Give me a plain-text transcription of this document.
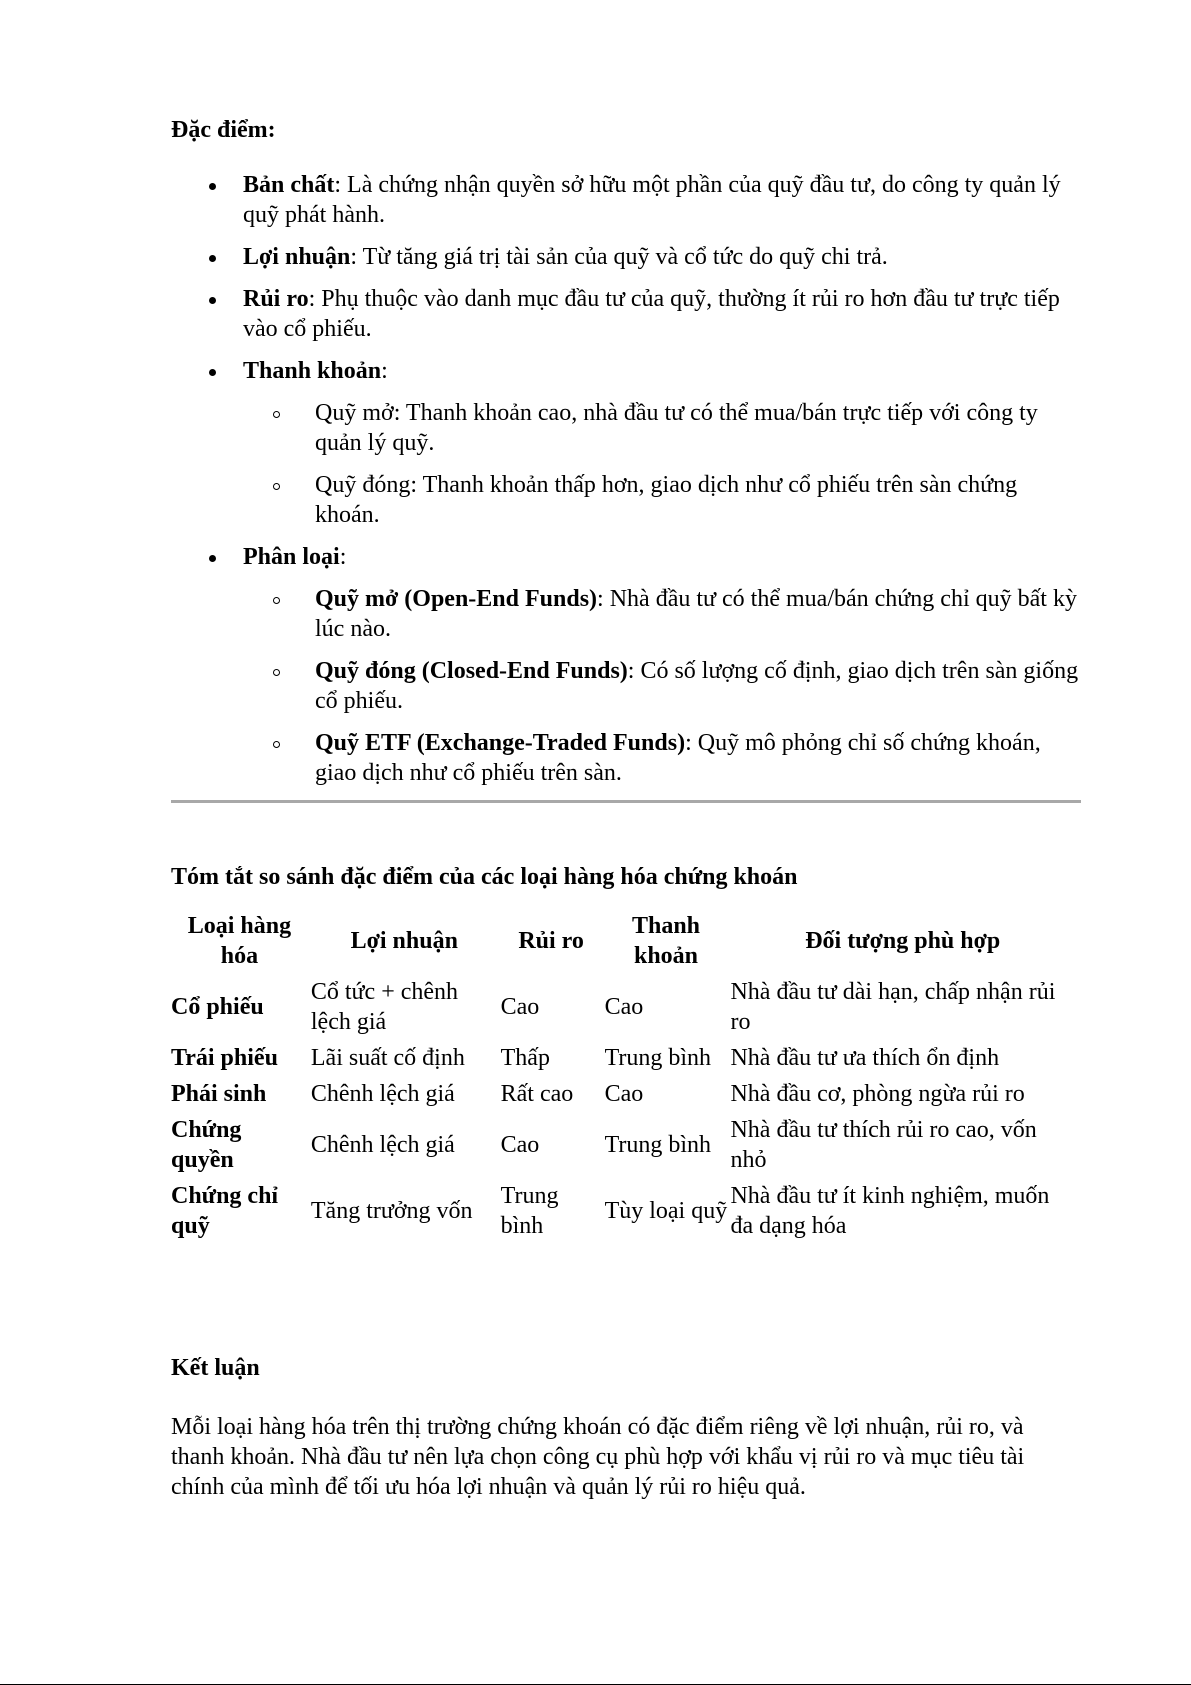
Đặc điểm:
Bản chất: Là chứng nhận quyền sở hữu một phần của quỹ đầu tư, do công ty quản lý quỹ phát hành.
Lợi nhuận: Từ tăng giá trị tài sản của quỹ và cổ tức do quỹ chi trả.
Rủi ro: Phụ thuộc vào danh mục đầu tư của quỹ, thường ít rủi ro hơn đầu tư trực tiếp vào cổ phiếu.
Thanh khoản:
Quỹ mở: Thanh khoản cao, nhà đầu tư có thể mua/bán trực tiếp với công ty quản lý quỹ.
Quỹ đóng: Thanh khoản thấp hơn, giao dịch như cổ phiếu trên sàn chứng khoán.
Phân loại:
Quỹ mở (Open-End Funds): Nhà đầu tư có thể mua/bán chứng chỉ quỹ bất kỳ lúc nào.
Quỹ đóng (Closed-End Funds): Có số lượng cố định, giao dịch trên sàn giống cổ phiếu.
Quỹ ETF (Exchange-Traded Funds): Quỹ mô phỏng chỉ số chứng khoán, giao dịch như cổ phiếu trên sàn.
Tóm tắt so sánh đặc điểm của các loại hàng hóa chứng khoán
Loại hàng hóa	Lợi nhuận	Rủi ro	Thanh khoản	Đối tượng phù hợp
Cổ phiếu	Cổ tức + chênh lệch giá	Cao	Cao	Nhà đầu tư dài hạn, chấp nhận rủi ro
Trái phiếu	Lãi suất cố định	Thấp	Trung bình	Nhà đầu tư ưa thích ổn định
Phái sinh	Chênh lệch giá	Rất cao	Cao	Nhà đầu cơ, phòng ngừa rủi ro
Chứng quyền	Chênh lệch giá	Cao	Trung bình	Nhà đầu tư thích rủi ro cao, vốn nhỏ
Chứng chỉ quỹ	Tăng trưởng vốn	Trung bình	Tùy loại quỹ	Nhà đầu tư ít kinh nghiệm, muốn đa dạng hóa
Kết luận

Mỗi loại hàng hóa trên thị trường chứng khoán có đặc điểm riêng về lợi nhuận, rủi ro, và thanh khoản. Nhà đầu tư nên lựa chọn công cụ phù hợp với khẩu vị rủi ro và mục tiêu tài chính của mình để tối ưu hóa lợi nhuận và quản lý rủi ro hiệu quả.
